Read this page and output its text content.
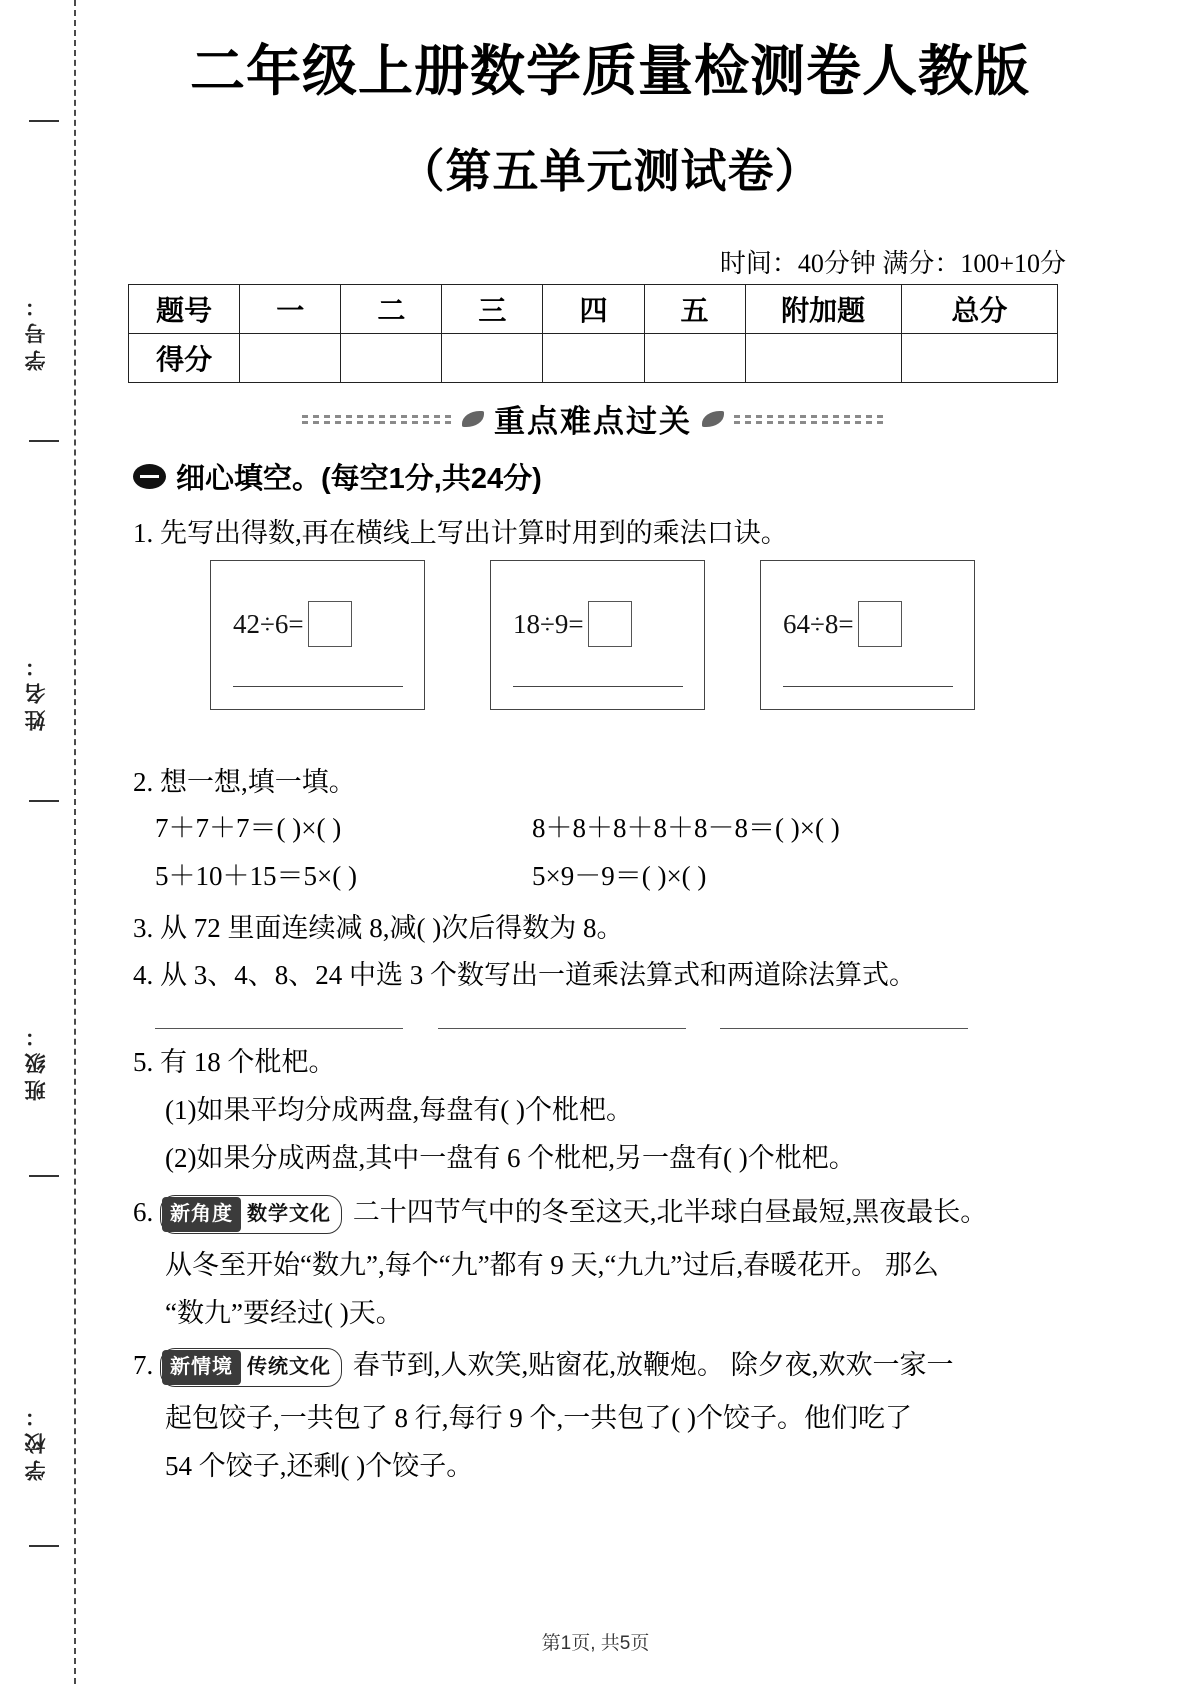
学号：
姓名：
班级：
学校：
二年级上册数学质量检测卷人教版
（第五单元测试卷）
时间：40分钟 满分：100+10分
题号	一	二	三	四	五	附加题	总分
得分							
重点难点过关
细心填空。(每空1分,共24分)
1. 先写出得数,再在横线上写出计算时用到的乘法口诀。
42÷6=	18÷9=	64÷8=
2. 想一想,填一填。
7＋7＋7＝( )×( )	8＋8＋8＋8＋8－8＝( )×( )
5＋10＋15＝5×( )	5×9－9＝( )×( )
3. 从 72 里面连续减 8,减( )次后得数为 8。
4. 从 3、4、8、24 中选 3 个数写出一道乘法算式和两道除法算式。
5. 有 18 个枇杷。
(1)如果平均分成两盘,每盘有( )个枇杷。
(2)如果分成两盘,其中一盘有 6 个枇杷,另一盘有( )个枇杷。
6. 新角度 数学文化 二十四节气中的冬至这天,北半球白昼最短,黑夜最长。
从冬至开始“数九”,每个“九”都有 9 天,“九九”过后,春暖花开。 那么
“数九”要经过( )天。
7. 新情境 传统文化 春节到,人欢笑,贴窗花,放鞭炮。 除夕夜,欢欢一家一
起包饺子,一共包了 8 行,每行 9 个,一共包了( )个饺子。他们吃了
54 个饺子,还剩( )个饺子。
第1页, 共5页
